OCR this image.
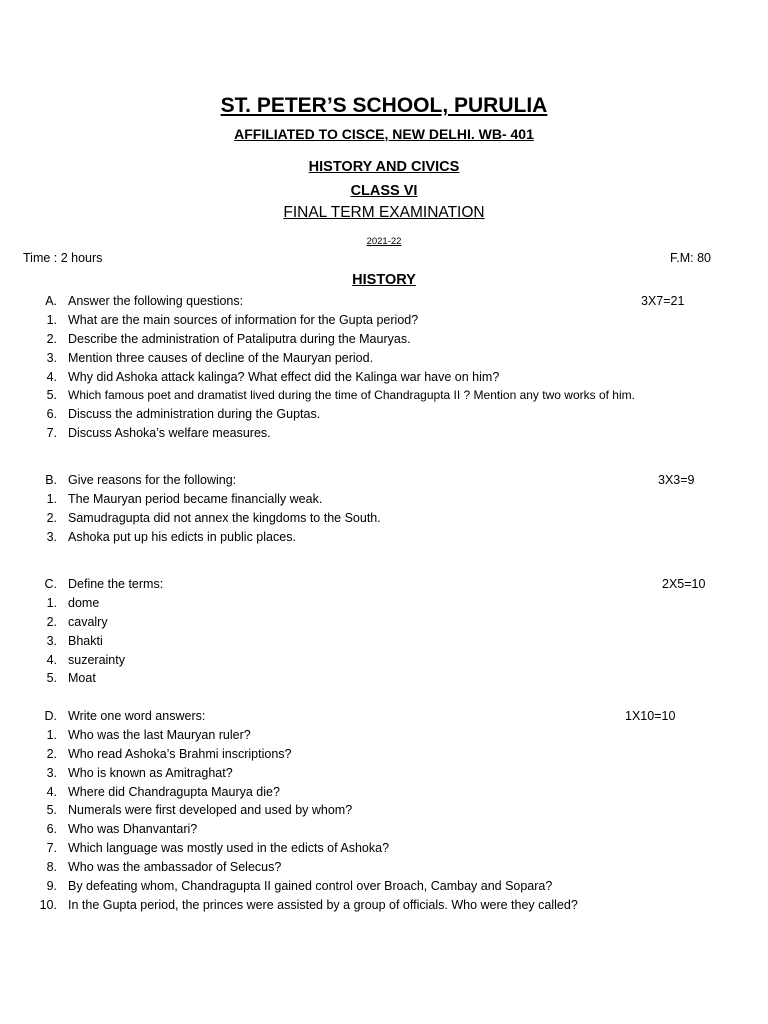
ST. PETER’S SCHOOL, PURULIA
AFFILIATED TO CISCE, NEW DELHI. WB- 401
HISTORY AND CIVICS
CLASS VI
FINAL TERM EXAMINATION
2021-22
Time : 2 hours	F.M: 80
HISTORY
A. Answer the following questions:	3X7=21
1. What are the main sources of information for the Gupta period?
2. Describe the administration of Pataliputra during the Mauryas.
3. Mention three causes of decline of the Mauryan period.
4. Why did Ashoka attack kalinga? What effect did the Kalinga war have on him?
5. Which famous poet and dramatist lived during the time of Chandragupta II ? Mention any two works of him.
6. Discuss the administration during the Guptas.
7. Discuss Ashoka’s welfare measures.
B. Give reasons for the following:	3X3=9
1. The Mauryan period became financially weak.
2. Samudragupta did not annex the kingdoms to the South.
3. Ashoka put up his edicts in public places.
C. Define the terms:	2X5=10
1. dome
2. cavalry
3. Bhakti
4. suzerainty
5. Moat
D. Write one word answers:	1X10=10
1. Who was the last Mauryan ruler?
2. Who read Ashoka’s Brahmi inscriptions?
3. Who is known as Amitraghat?
4. Where did Chandragupta Maurya die?
5. Numerals were first developed and used by whom?
6. Who was Dhanvantari?
7. Which language was mostly used in the edicts of Ashoka?
8. Who was the ambassador of Selecus?
9. By defeating whom, Chandragupta II gained control over Broach, Cambay and Sopara?
10. In the Gupta period, the princes were assisted by a group of officials. Who were they called?
